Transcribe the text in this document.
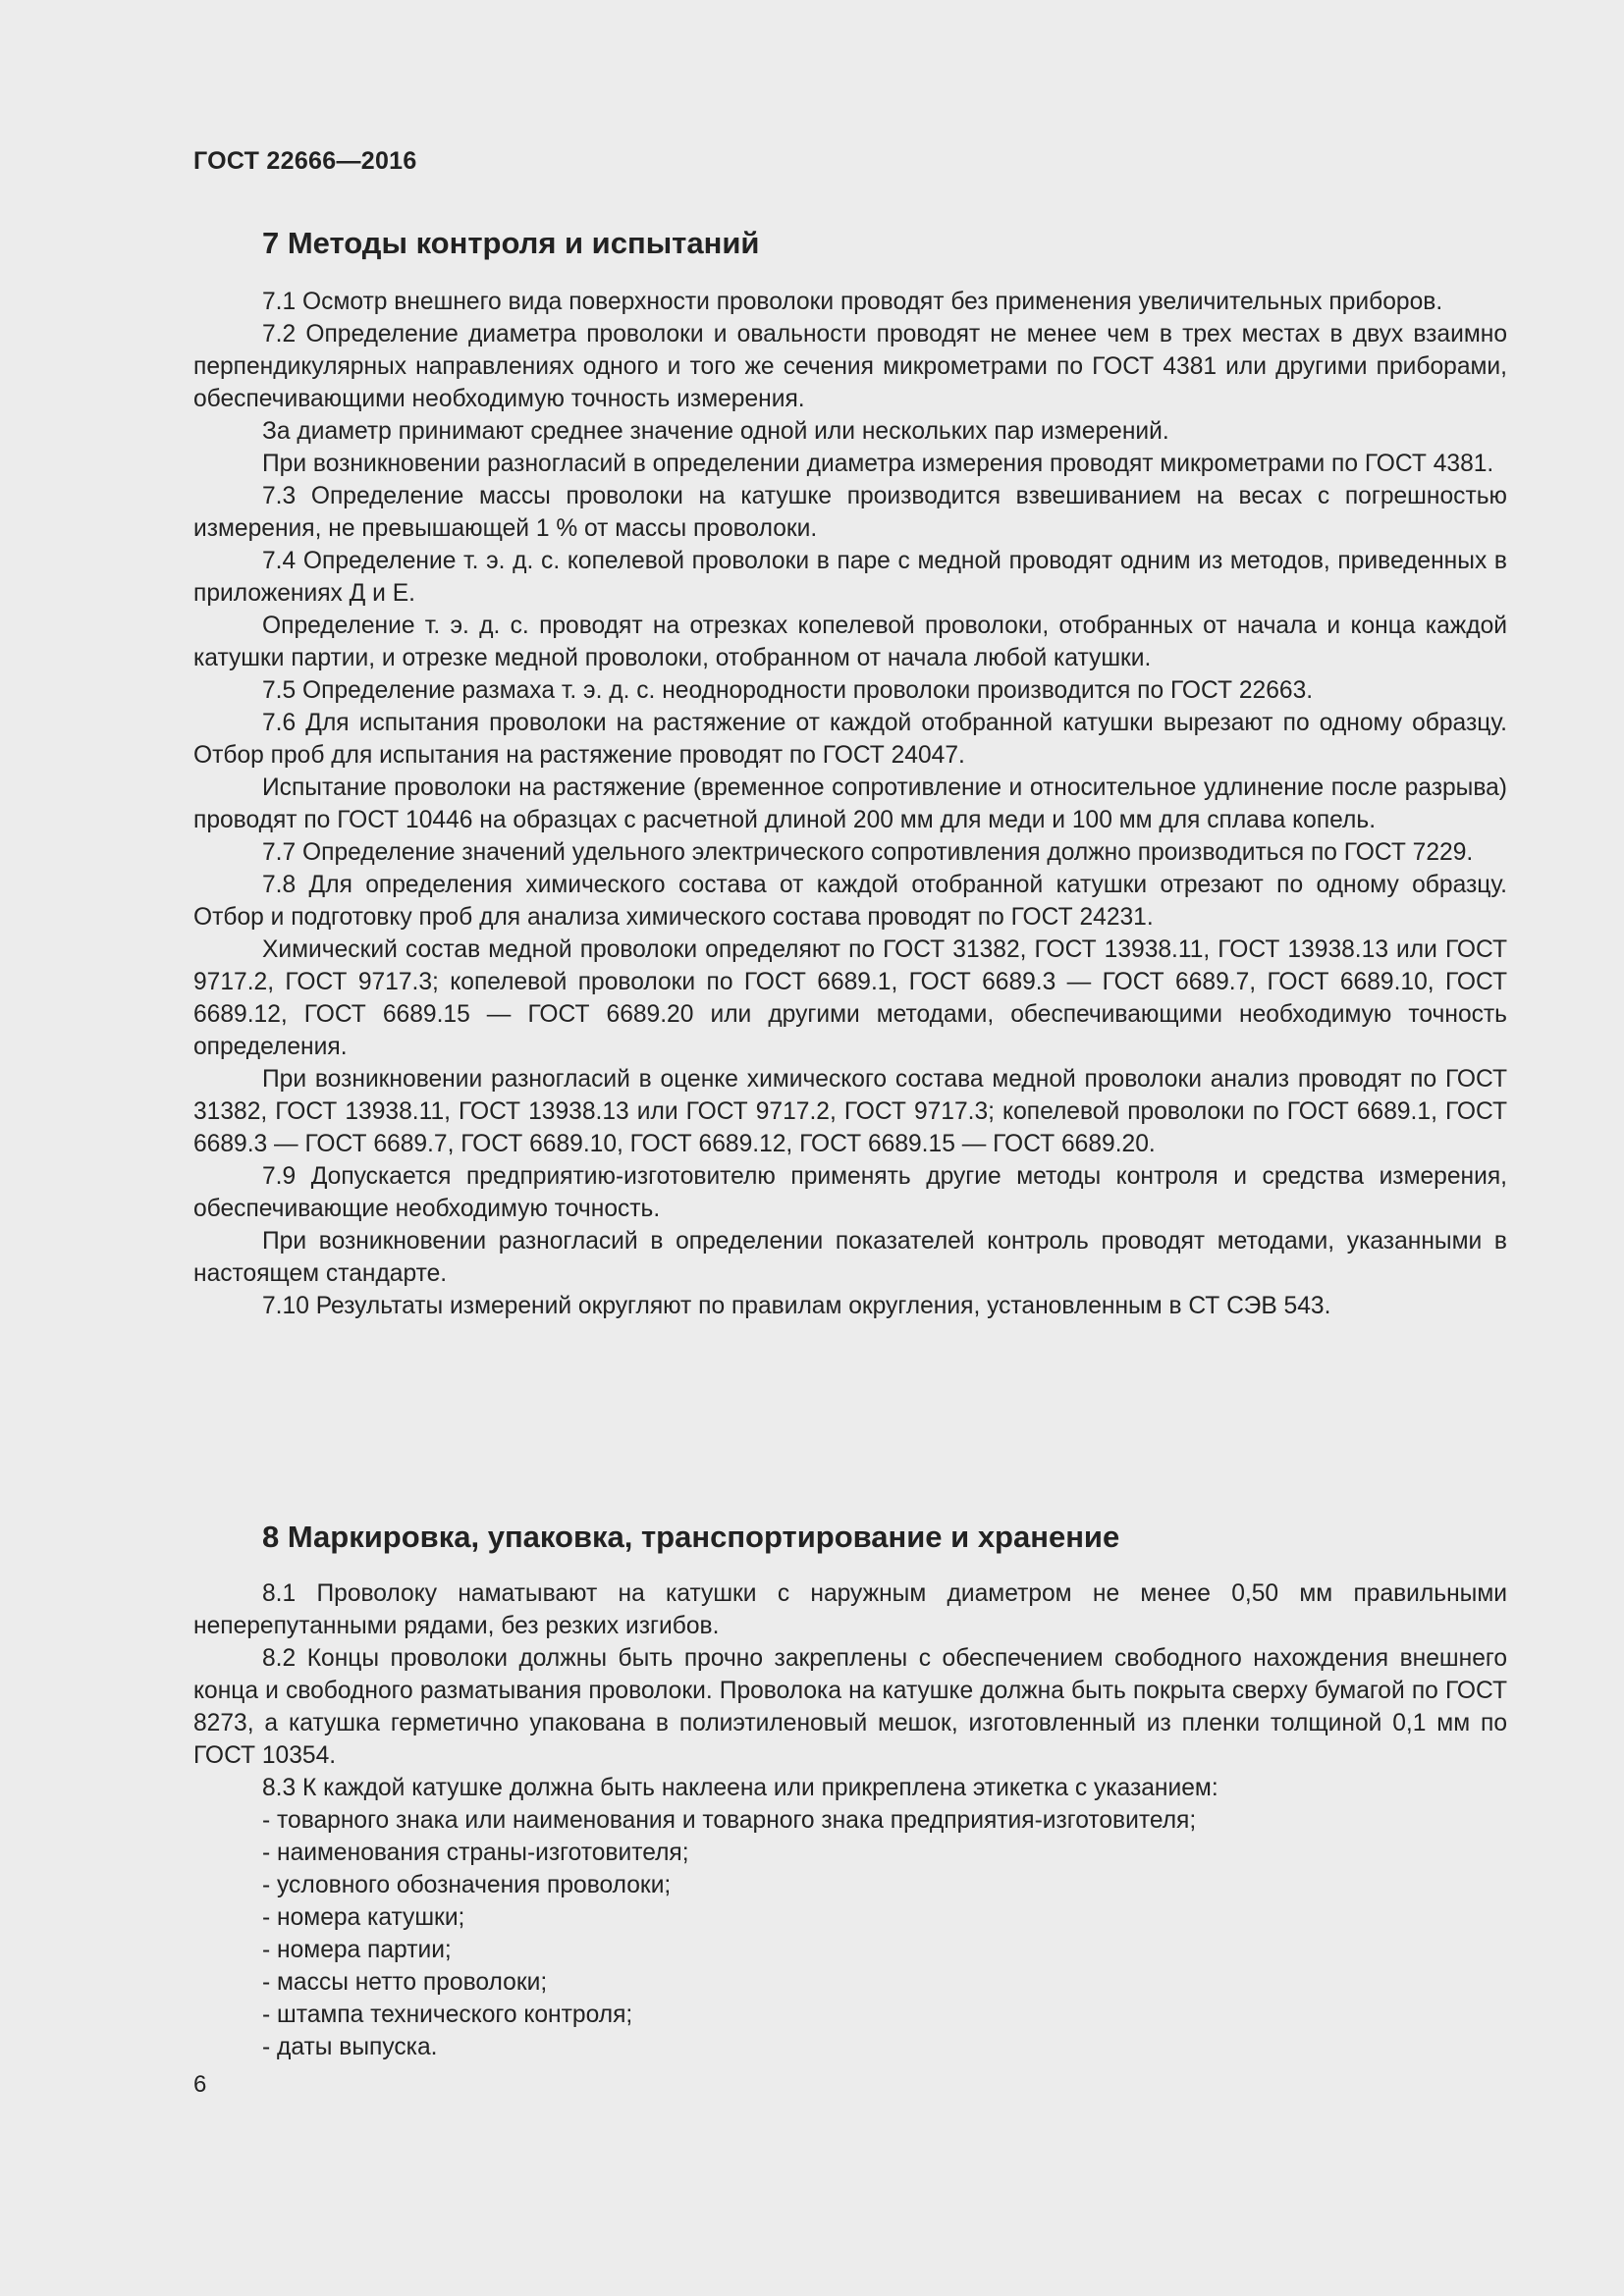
ГОСТ 22666—2016
7 Методы контроля и испытаний

7.1 Осмотр внешнего вида поверхности проволоки проводят без применения увеличительных приборов.

7.2 Определение диаметра проволоки и овальности проводят не менее чем в трех местах в двух взаимно перпендикулярных направлениях одного и того же сечения микрометрами по ГОСТ 4381 или другими приборами, обеспечивающими необходимую точность измерения.

За диаметр принимают среднее значение одной или нескольких пар измерений.

При возникновении разногласий в определении диаметра измерения проводят микрометрами по ГОСТ 4381.

7.3 Определение массы проволоки на катушке производится взвешиванием на весах с погрешностью измерения, не превышающей 1 % от массы проволоки.

7.4 Определение т. э. д. с. копелевой проволоки в паре с медной проводят одним из методов, приведенных в приложениях Д и Е.

Определение т. э. д. с. проводят на отрезках копелевой проволоки, отобранных от начала и конца каждой катушки партии, и отрезке медной проволоки, отобранном от начала любой катушки.

7.5 Определение размаха т. э. д. с. неоднородности проволоки производится по ГОСТ 22663.

7.6 Для испытания проволоки на растяжение от каждой отобранной катушки вырезают по одному образцу. Отбор проб для испытания на растяжение проводят по ГОСТ 24047.

Испытание проволоки на растяжение (временное сопротивление и относительное удлинение после разрыва) проводят по ГОСТ 10446 на образцах с расчетной длиной 200 мм для меди и 100 мм для сплава копель.

7.7 Определение значений удельного электрического сопротивления должно производиться по ГОСТ 7229.

7.8 Для определения химического состава от каждой отобранной катушки отрезают по одному образцу. Отбор и подготовку проб для анализа химического состава проводят по ГОСТ 24231.

Химический состав медной проволоки определяют по ГОСТ 31382, ГОСТ 13938.11, ГОСТ 13938.13 или ГОСТ 9717.2, ГОСТ 9717.3; копелевой проволоки по ГОСТ 6689.1, ГОСТ 6689.3 — ГОСТ 6689.7, ГОСТ 6689.10, ГОСТ 6689.12, ГОСТ 6689.15 — ГОСТ 6689.20 или другими методами, обеспечивающими необходимую точность определения.

При возникновении разногласий в оценке химического состава медной проволоки анализ проводят по ГОСТ 31382, ГОСТ 13938.11, ГОСТ 13938.13 или ГОСТ 9717.2, ГОСТ 9717.3; копелевой проволоки по ГОСТ 6689.1, ГОСТ 6689.3 — ГОСТ 6689.7, ГОСТ 6689.10, ГОСТ 6689.12, ГОСТ 6689.15 — ГОСТ 6689.20.

7.9 Допускается предприятию-изготовителю применять другие методы контроля и средства измерения, обеспечивающие необходимую точность.

При возникновении разногласий в определении показателей контроль проводят методами, указанными в настоящем стандарте.

7.10 Результаты измерений округляют по правилам округления, установленным в СТ СЭВ 543.

8 Маркировка, упаковка, транспортирование и хранение

8.1 Проволоку наматывают на катушки с наружным диаметром не менее 0,50 мм правильными неперепутанными рядами, без резких изгибов.

8.2 Концы проволоки должны быть прочно закреплены с обеспечением свободного нахождения внешнего конца и свободного разматывания проволоки. Проволока на катушке должна быть покрыта сверху бумагой по ГОСТ 8273, а катушка герметично упакована в полиэтиленовый мешок, изготовленный из пленки толщиной 0,1 мм по ГОСТ 10354.

8.3 К каждой катушке должна быть наклеена или прикреплена этикетка с указанием:

- товарного знака или наименования и товарного знака предприятия-изготовителя;
- наименования страны-изготовителя;
- условного обозначения проволоки;
- номера катушки;
- номера партии;
- массы нетто проволоки;
- штампа технического контроля;
- даты выпуска.
6
